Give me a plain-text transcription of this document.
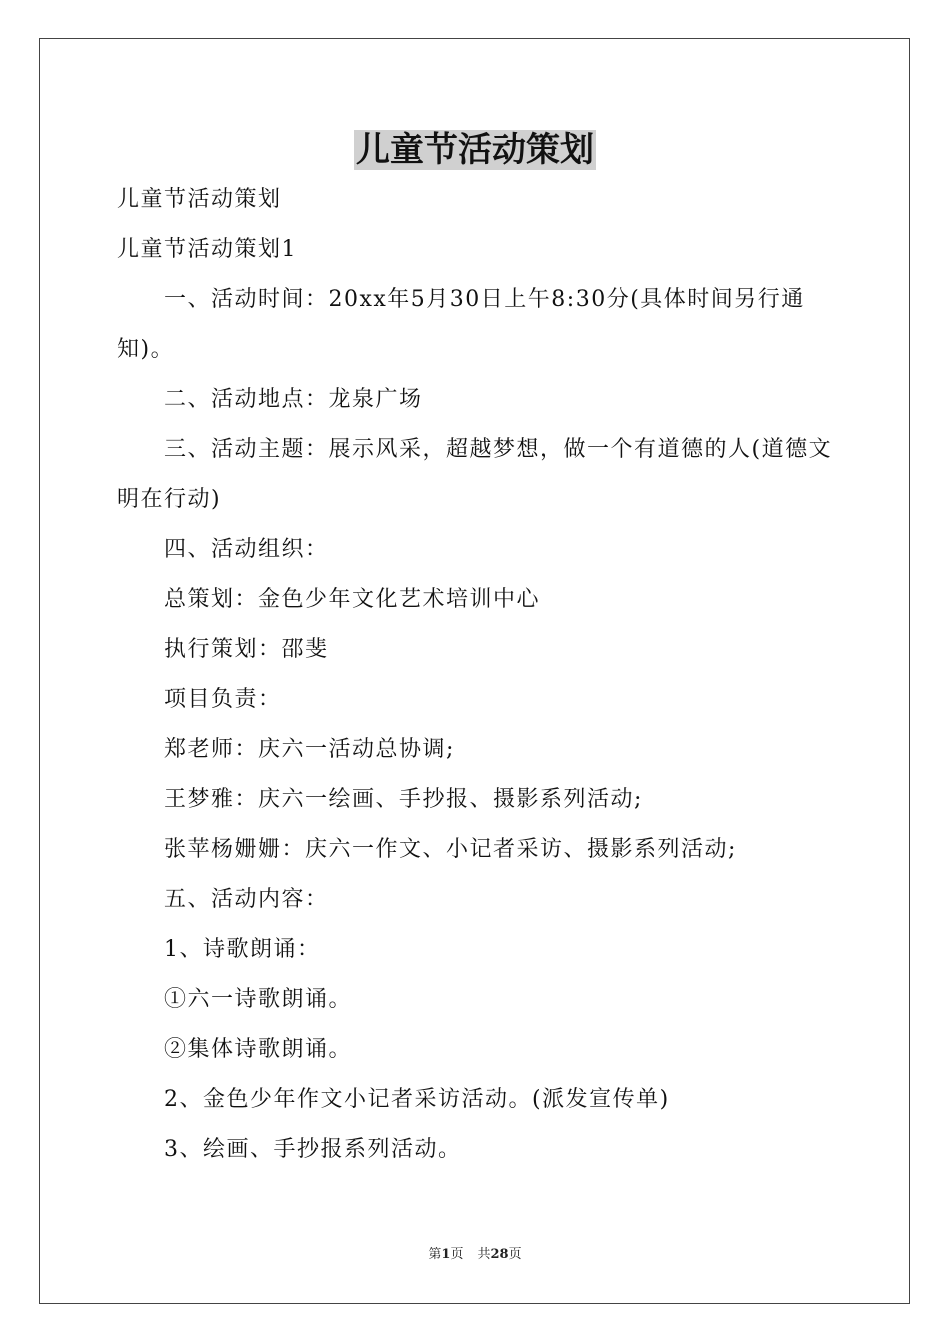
儿童节活动策划

儿童节活动策划

儿童节活动策划1

一、活动时间：20xx年5月30日上午8:30分(具体时间另行通知)。

二、活动地点：龙泉广场

三、活动主题：展示风采，超越梦想，做一个有道德的人(道德文明在行动)

四、活动组织：

总策划：金色少年文化艺术培训中心

执行策划：邵斐

项目负责：

郑老师：庆六一活动总协调;

王梦雅：庆六一绘画、手抄报、摄影系列活动;

张苹杨姗姗：庆六一作文、小记者采访、摄影系列活动;

五、活动内容：

1、诗歌朗诵：

①六一诗歌朗诵。

②集体诗歌朗诵。

2、金色少年作文小记者采访活动。(派发宣传单)

3、绘画、手抄报系列活动。

第1页 共28页
